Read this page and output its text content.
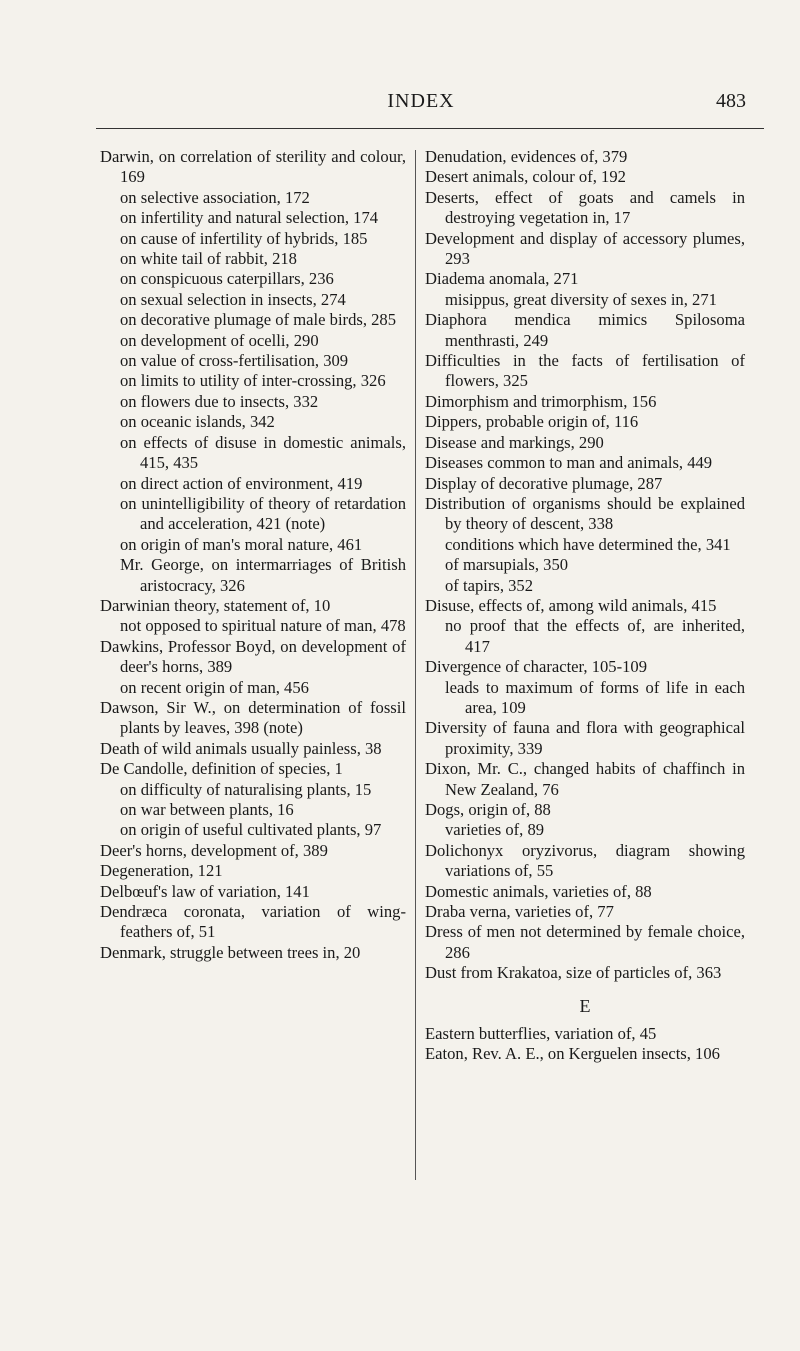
INDEX	483
Darwin, on correlation of sterility and colour, 169
on selective association, 172
on infertility and natural selection, 174
on cause of infertility of hybrids, 185
on white tail of rabbit, 218
on conspicuous caterpillars, 236
on sexual selection in insects, 274
on decorative plumage of male birds, 285
on development of ocelli, 290
on value of cross-fertilisation, 309
on limits to utility of inter-crossing, 326
on flowers due to insects, 332
on oceanic islands, 342
on effects of disuse in domestic animals, 415, 435
on direct action of environment, 419
on unintelligibility of theory of retardation and acceleration, 421 (note)
on origin of man's moral nature, 461
Mr. George, on intermarriages of British aristocracy, 326
Darwinian theory, statement of, 10
not opposed to spiritual nature of man, 478
Dawkins, Professor Boyd, on development of deer's horns, 389
on recent origin of man, 456
Dawson, Sir W., on determination of fossil plants by leaves, 398 (note)
Death of wild animals usually painless, 38
De Candolle, definition of species, 1
on difficulty of naturalising plants, 15
on war between plants, 16
on origin of useful cultivated plants, 97
Deer's horns, development of, 389
Degeneration, 121
Delbœuf's law of variation, 141
Dendræca coronata, variation of wing-feathers of, 51
Denmark, struggle between trees in, 20
Denudation, evidences of, 379
Desert animals, colour of, 192
Deserts, effect of goats and camels in destroying vegetation in, 17
Development and display of accessory plumes, 293
Diadema anomala, 271
misippus, great diversity of sexes in, 271
Diaphora mendica mimics Spilosoma menthrasti, 249
Difficulties in the facts of fertilisation of flowers, 325
Dimorphism and trimorphism, 156
Dippers, probable origin of, 116
Disease and markings, 290
Diseases common to man and animals, 449
Display of decorative plumage, 287
Distribution of organisms should be explained by theory of descent, 338
conditions which have determined the, 341
of marsupials, 350
of tapirs, 352
Disuse, effects of, among wild animals, 415
no proof that the effects of, are inherited, 417
Divergence of character, 105-109
leads to maximum of forms of life in each area, 109
Diversity of fauna and flora with geographical proximity, 339
Dixon, Mr. C., changed habits of chaffinch in New Zealand, 76
Dogs, origin of, 88
varieties of, 89
Dolichonyx oryzivorus, diagram showing variations of, 55
Domestic animals, varieties of, 88
Draba verna, varieties of, 77
Dress of men not determined by female choice, 286
Dust from Krakatoa, size of particles of, 363
E
Eastern butterflies, variation of, 45
Eaton, Rev. A. E., on Kerguelen insects, 106
